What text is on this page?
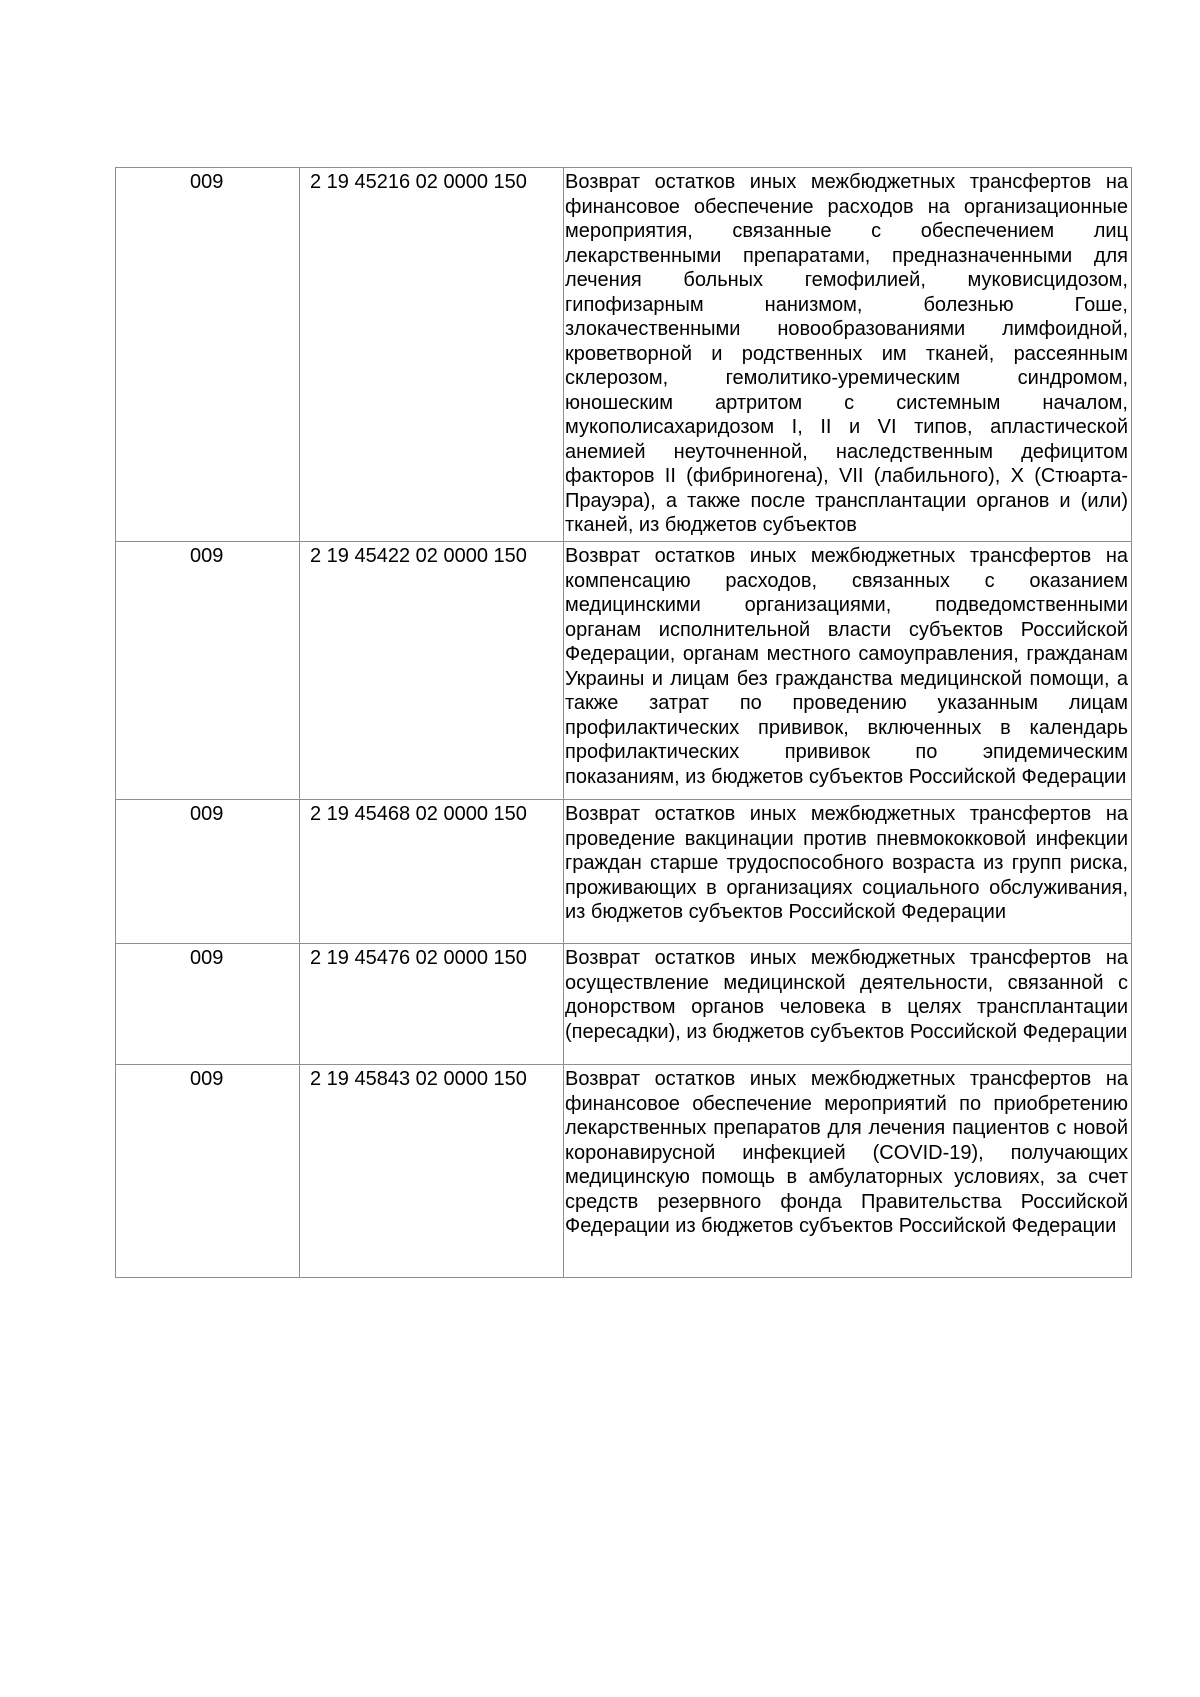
009	2 19 45216 02 0000 150	Возврат остатков иных межбюджетных трансфертов на финансовое обеспечение расходов на организационные мероприятия, связанные с обеспечением лиц лекарственными препаратами, предназначенными для лечения больных гемофилией, муковисцидозом, гипофизарным нанизмом, болезнью Гоше, злокачественными новообразованиями лимфоидной, кроветворной и родственных им тканей, рассеянным склерозом, гемолитико-уремическим синдромом, юношеским артритом с системным началом, мукополисахаридозом I, II и VI типов, апластической анемией неуточненной, наследственным дефицитом факторов II (фибриногена), VII (лабильного), X (Стюарта-Прауэра), а также после трансплантации органов и (или) тканей, из бюджетов субъектов

009	2 19 45422 02 0000 150	Возврат остатков иных межбюджетных трансфертов на компенсацию расходов, связанных с оказанием медицинскими организациями, подведомственными органам исполнительной власти субъектов Российской Федерации, органам местного самоуправления, гражданам Украины и лицам без гражданства медицинской помощи, а также затрат по проведению указанным лицам профилактических прививок, включенных в календарь профилактических прививок по эпидемическим показаниям, из бюджетов субъектов Российской Федерации

009	2 19 45468 02 0000 150	Возврат остатков иных межбюджетных трансфертов на проведение вакцинации против пневмококковой инфекции граждан старше трудоспособного возраста из групп риска, проживающих в организациях социального обслуживания, из бюджетов субъектов Российской Федерации

009	2 19 45476 02 0000 150	Возврат остатков иных межбюджетных трансфертов на осуществление медицинской деятельности, связанной с донорством органов человека в целях трансплантации (пересадки), из бюджетов субъектов Российской Федерации

009	2 19 45843 02 0000 150	Возврат остатков иных межбюджетных трансфертов на финансовое обеспечение мероприятий по приобретению лекарственных препаратов для лечения пациентов с новой коронавирусной инфекцией (COVID-19), получающих медицинскую помощь в амбулаторных условиях, за счет средств резервного фонда Правительства Российской Федерации из бюджетов субъектов Российской Федерации
